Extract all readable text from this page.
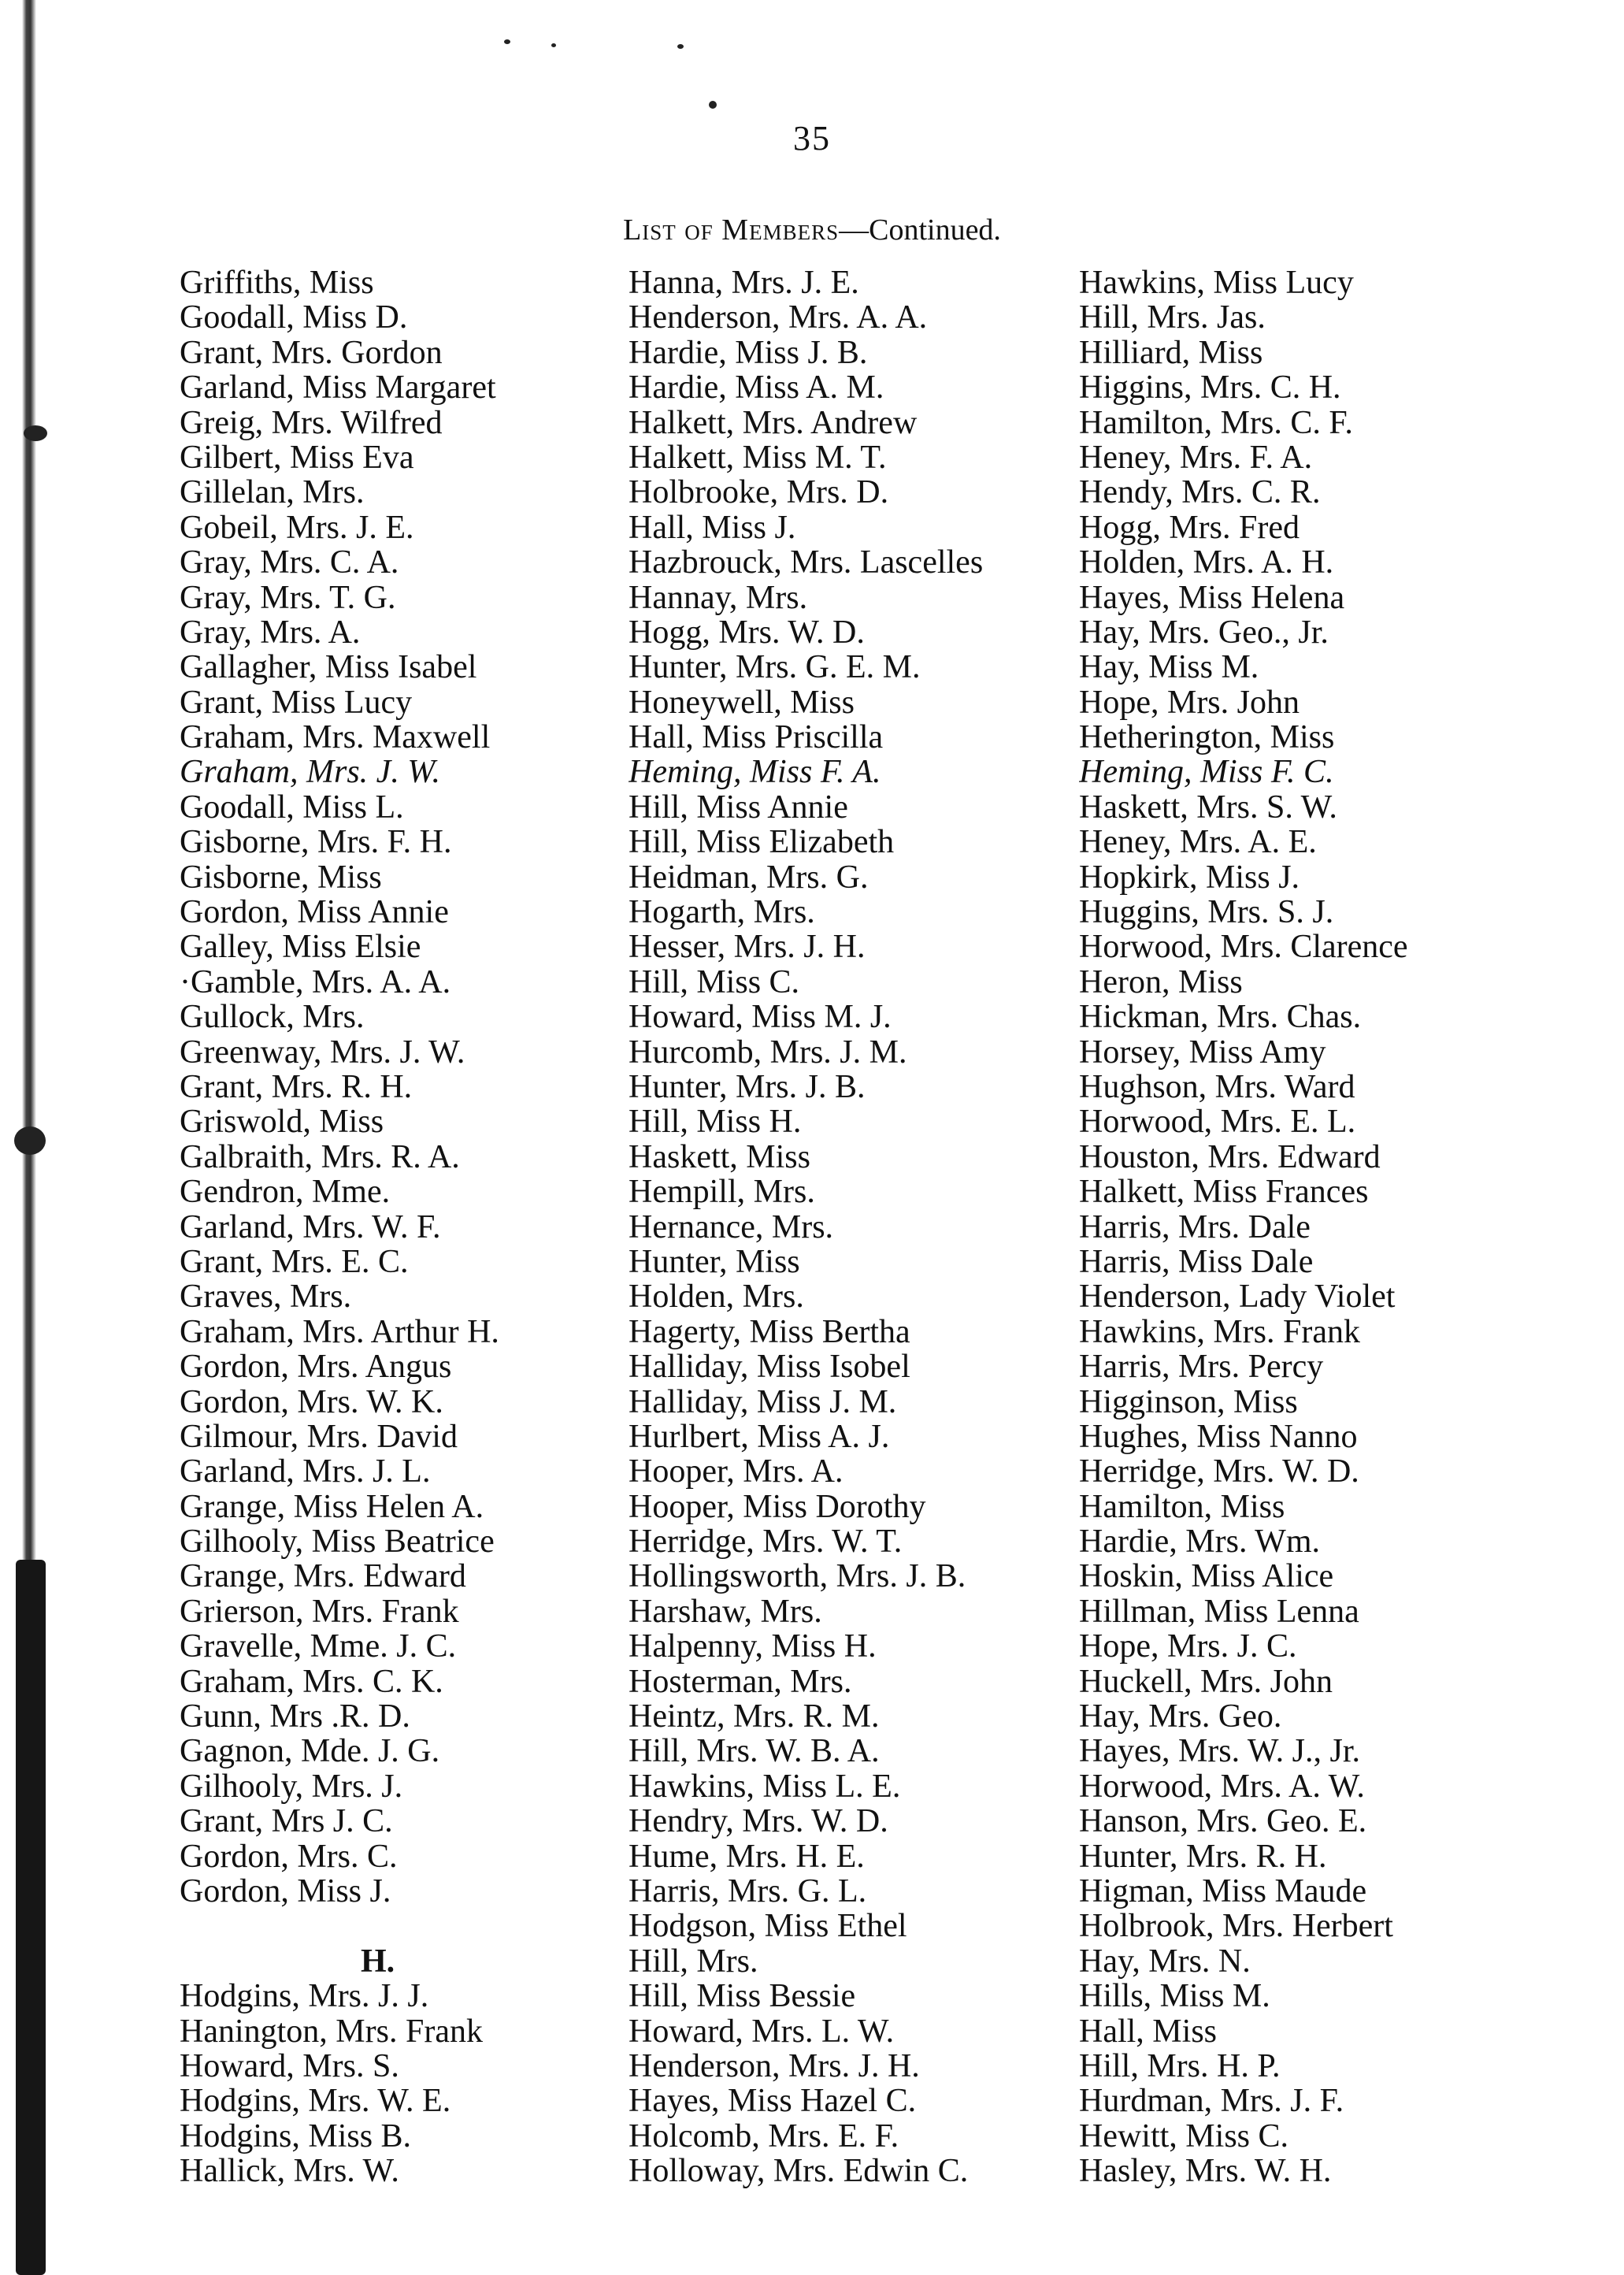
35
List of Members—Continued.
Griffiths, Miss
Goodall, Miss D.
Grant, Mrs. Gordon
Garland, Miss Margaret
Greig, Mrs. Wilfred
Gilbert, Miss Eva
Gillelan, Mrs.
Gobeil, Mrs. J. E.
Gray, Mrs. C. A.
Gray, Mrs. T. G.
Gray, Mrs. A.
Gallagher, Miss Isabel
Grant, Miss Lucy
Graham, Mrs. Maxwell
Graham, Mrs. J. W.
Goodall, Miss L.
Gisborne, Mrs. F. H.
Gisborne, Miss
Gordon, Miss Annie
Galley, Miss Elsie
·Gamble, Mrs. A. A.
Gullock, Mrs.
Greenway, Mrs. J. W.
Grant, Mrs. R. H.
Griswold, Miss
Galbraith, Mrs. R. A.
Gendron, Mme.
Garland, Mrs. W. F.
Grant, Mrs. E. C.
Graves, Mrs.
Graham, Mrs. Arthur H.
Gordon, Mrs. Angus
Gordon, Mrs. W. K.
Gilmour, Mrs. David
Garland, Mrs. J. L.
Grange, Miss Helen A.
Gilhooly, Miss Beatrice
Grange, Mrs. Edward
Grierson, Mrs. Frank
Gravelle, Mme. J. C.
Graham, Mrs. C. K.
Gunn, Mrs .R. D.
Gagnon, Mde. J. G.
Gilhooly, Mrs. J.
Grant, Mrs J. C.
Gordon, Mrs. C.
Gordon, Miss J.
H.
Hodgins, Mrs. J. J.
Hanington, Mrs. Frank
Howard, Mrs. S.
Hodgins, Mrs. W. E.
Hodgins, Miss B.
Hallick, Mrs. W.
Hanna, Mrs. J. E.
Henderson, Mrs. A. A.
Hardie, Miss J. B.
Hardie, Miss A. M.
Halkett, Mrs. Andrew
Halkett, Miss M. T.
Holbrooke, Mrs. D.
Hall, Miss J.
Hazbrouck, Mrs. Lascelles
Hannay, Mrs.
Hogg, Mrs. W. D.
Hunter, Mrs. G. E. M.
Honeywell, Miss
Hall, Miss Priscilla
Heming, Miss F. A.
Hill, Miss Annie
Hill, Miss Elizabeth
Heidman, Mrs. G.
Hogarth, Mrs.
Hesser, Mrs. J. H.
Hill, Miss C.
Howard, Miss M. J.
Hurcomb, Mrs. J. M.
Hunter, Mrs. J. B.
Hill, Miss H.
Haskett, Miss
Hempill, Mrs.
Hernance, Mrs.
Hunter, Miss
Holden, Mrs.
Hagerty, Miss Bertha
Halliday, Miss Isobel
Halliday, Miss J. M.
Hurlbert, Miss A. J.
Hooper, Mrs. A.
Hooper, Miss Dorothy
Herridge, Mrs. W. T.
Hollingsworth, Mrs. J. B.
Harshaw, Mrs.
Halpenny, Miss H.
Hosterman, Mrs.
Heintz, Mrs. R. M.
Hill, Mrs. W. B. A.
Hawkins, Miss L. E.
Hendry, Mrs. W. D.
Hume, Mrs. H. E.
Harris, Mrs. G. L.
Hodgson, Miss Ethel
Hill, Mrs.
Hill, Miss Bessie
Howard, Mrs. L. W.
Henderson, Mrs. J. H.
Hayes, Miss Hazel C.
Holcomb, Mrs. E. F.
Holloway, Mrs. Edwin C.
Hawkins, Miss Lucy
Hill, Mrs. Jas.
Hilliard, Miss
Higgins, Mrs. C. H.
Hamilton, Mrs. C. F.
Heney, Mrs. F. A.
Hendy, Mrs. C. R.
Hogg, Mrs. Fred
Holden, Mrs. A. H.
Hayes, Miss Helena
Hay, Mrs. Geo., Jr.
Hay, Miss M.
Hope, Mrs. John
Hetherington, Miss
Heming, Miss F. C.
Haskett, Mrs. S. W.
Heney, Mrs. A. E.
Hopkirk, Miss J.
Huggins, Mrs. S. J.
Horwood, Mrs. Clarence
Heron, Miss
Hickman, Mrs. Chas.
Horsey, Miss Amy
Hughson, Mrs. Ward
Horwood, Mrs. E. L.
Houston, Mrs. Edward
Halkett, Miss Frances
Harris, Mrs. Dale
Harris, Miss Dale
Henderson, Lady Violet
Hawkins, Mrs. Frank
Harris, Mrs. Percy
Higginson, Miss
Hughes, Miss Nanno
Herridge, Mrs. W. D.
Hamilton, Miss
Hardie, Mrs. Wm.
Hoskin, Miss Alice
Hillman, Miss Lenna
Hope, Mrs. J. C.
Huckell, Mrs. John
Hay, Mrs. Geo.
Hayes, Mrs. W. J., Jr.
Horwood, Mrs. A. W.
Hanson, Mrs. Geo. E.
Hunter, Mrs. R. H.
Higman, Miss Maude
Holbrook, Mrs. Herbert
Hay, Mrs. N.
Hills, Miss M.
Hall, Miss
Hill, Mrs. H. P.
Hurdman, Mrs. J. F.
Hewitt, Miss C.
Hasley, Mrs. W. H.
